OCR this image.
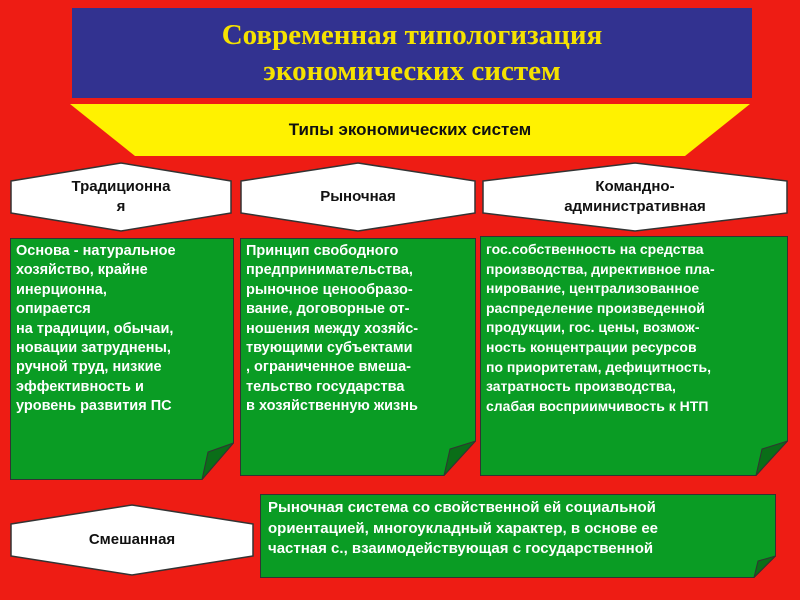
Современная типологизация
экономических систем
Типы экономических систем
Традиционна
я
Рыночная
Командно-
административная
Основа - натуральное
хозяйство, крайне
инерционна,
опирается
на традиции, обычаи,
новации затруднены,
ручной труд, низкие
эффективность и
уровень развития ПС
Принцип свободного
предпринимательства,
рыночное ценообразо-
вание, договорные от-
ношения между хозяйс-
твующими субъектами
, ограниченное вмеша-
тельство государства
в хозяйственную жизнь
гос.собственность на средства
производства, директивное пла-
нирование, централизованное
распределение произведенной
продукции, гос. цены, возмож-
ность концентрации ресурсов
по приоритетам, дефицитность,
затратность производства,
слабая восприимчивость к НТП
Смешанная
Рыночная система со свойственной ей социальной
ориентацией, многоукладный характер, в основе ее
частная с., взаимодействующая с государственной
